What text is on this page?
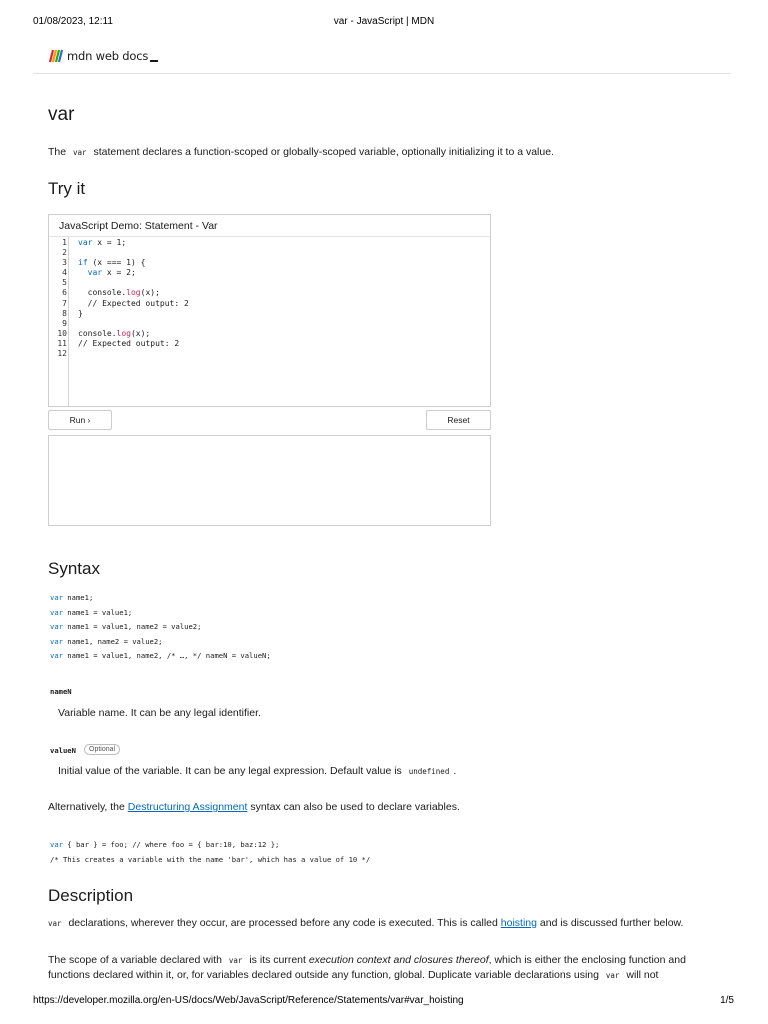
01/08/2023, 12:11	var - JavaScript | MDN
mdn web docs
var

The var statement declares a function-scoped or globally-scoped variable, optionally initializing it to a value.

Try it
JavaScript Demo: Statement - Var
1 var x = 1;
2
3 if (x === 1) {
4	var x = 2;
5
6 console.log(x);
7 // Expected output: 2
8 }
9
10 console.log(x);
11 // Expected output: 2
12
Run ›	Reset
Syntax
var name1;
var name1 = value1;
var name1 = value1, name2 = value2;
var name1, name2 = value2;
var name1 = value1, name2, /* …, */ nameN = valueN;
nameN
Variable name. It can be any legal identifier.
valueN	Optional
Initial value of the variable. It can be any legal expression. Default value is undefined .

Alternatively, the Destructuring Assignment syntax can also be used to declare variables.

var { bar } = foo; // where foo = { bar:10, baz:12 };
/* This creates a variable with the name 'bar', which has a value of 10 */
Description

var declarations, wherever they occur, are processed before any code is executed. This is called hoisting and is discussed further below.

The scope of a variable declared with var is its current execution context and closures thereof, which is either the enclosing function and
functions declared within it, or, for variables declared outside any function, global. Duplicate variable declarations using var will not

https://developer.mozilla.org/en-US/docs/Web/JavaScript/Reference/Statements/var#var_hoisting	1/5
